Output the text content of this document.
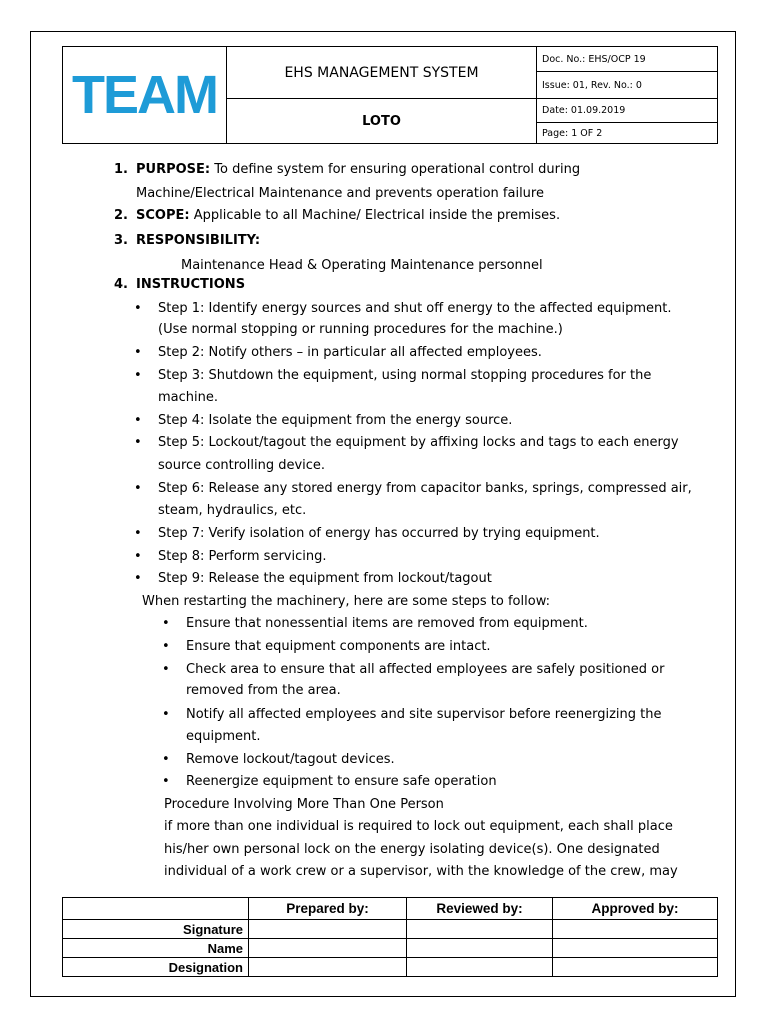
TEAM	EHS MANAGEMENT SYSTEM
LOTO
Doc. No.: EHS/OCP 19
Issue: 01, Rev. No.: 0
Date: 01.09.2019
Page: 1 OF 2
1. PURPOSE: To define system for ensuring operational control during
Machine/Electrical Maintenance and prevents operation failure
2. SCOPE: Applicable to all Machine/ Electrical inside the premises.
3. RESPONSIBILITY:
Maintenance Head & Operating Maintenance personnel
4. INSTRUCTIONS
• Step 1: Identify energy sources and shut off energy to the affected equipment.
(Use normal stopping or running procedures for the machine.)
• Step 2: Notify others – in particular all affected employees.
• Step 3: Shutdown the equipment, using normal stopping procedures for the
machine.
• Step 4: Isolate the equipment from the energy source.
• Step 5: Lockout/tagout the equipment by affixing locks and tags to each energy
source controlling device.
• Step 6: Release any stored energy from capacitor banks, springs, compressed air,
steam, hydraulics, etc.
• Step 7: Verify isolation of energy has occurred by trying equipment.
• Step 8: Perform servicing.
• Step 9: Release the equipment from lockout/tagout
When restarting the machinery, here are some steps to follow:
• Ensure that nonessential items are removed from equipment.
• Ensure that equipment components are intact.
• Check area to ensure that all affected employees are safely positioned or
removed from the area.
• Notify all affected employees and site supervisor before reenergizing the
equipment.
• Remove lockout/tagout devices.
• Reenergize equipment to ensure safe operation
Procedure Involving More Than One Person
if more than one individual is required to lock out equipment, each shall place
his/her own personal lock on the energy isolating device(s). One designated
individual of a work crew or a supervisor, with the knowledge of the crew, may
	Prepared by:	Reviewed by:	Approved by:
Signature			
Name			
Designation			
